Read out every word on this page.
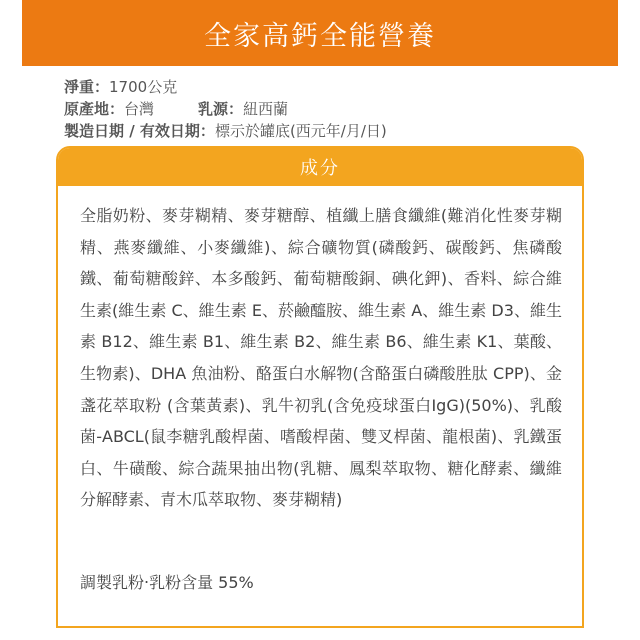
全家高鈣全能營養
淨重： 1700公克
原產地： 台灣	乳源： 紐西蘭
製造日期 / 有效日期： 標示於罐底(西元年/月/日)
成分

全脂奶粉、麥芽糊精、麥芽糖醇、植纖上膳食纖維(難消化性麥芽糊精、燕麥纖維、小麥纖維)、綜合礦物質(磷酸鈣、碳酸鈣、焦磷酸鐵、葡萄糖酸鋅、本多酸鈣、葡萄糖酸銅、碘化鉀)、香料、綜合維生素(維生素 C、維生素 E、菸鹼醯胺、維生素 A、維生素 D3、維生素 B12、維生素 B1、維生素 B2、維生素 B6、維生素 K1、葉酸、生物素)、DHA 魚油粉、酪蛋白水解物(含酪蛋白磷酸胜肽 CPP)、金盞花萃取粉 (含葉黃素)、乳牛初乳(含免疫球蛋白IgG)(50%)、乳酸菌-ABCL(鼠李糖乳酸桿菌、嗜酸桿菌、雙叉桿菌、龍根菌)、乳鐵蛋白、牛磺酸、綜合蔬果抽出物(乳糖、鳳梨萃取物、糖化酵素、纖維分解酵素、青木瓜萃取物、麥芽糊精)

調製乳粉‧乳粉含量 55%
